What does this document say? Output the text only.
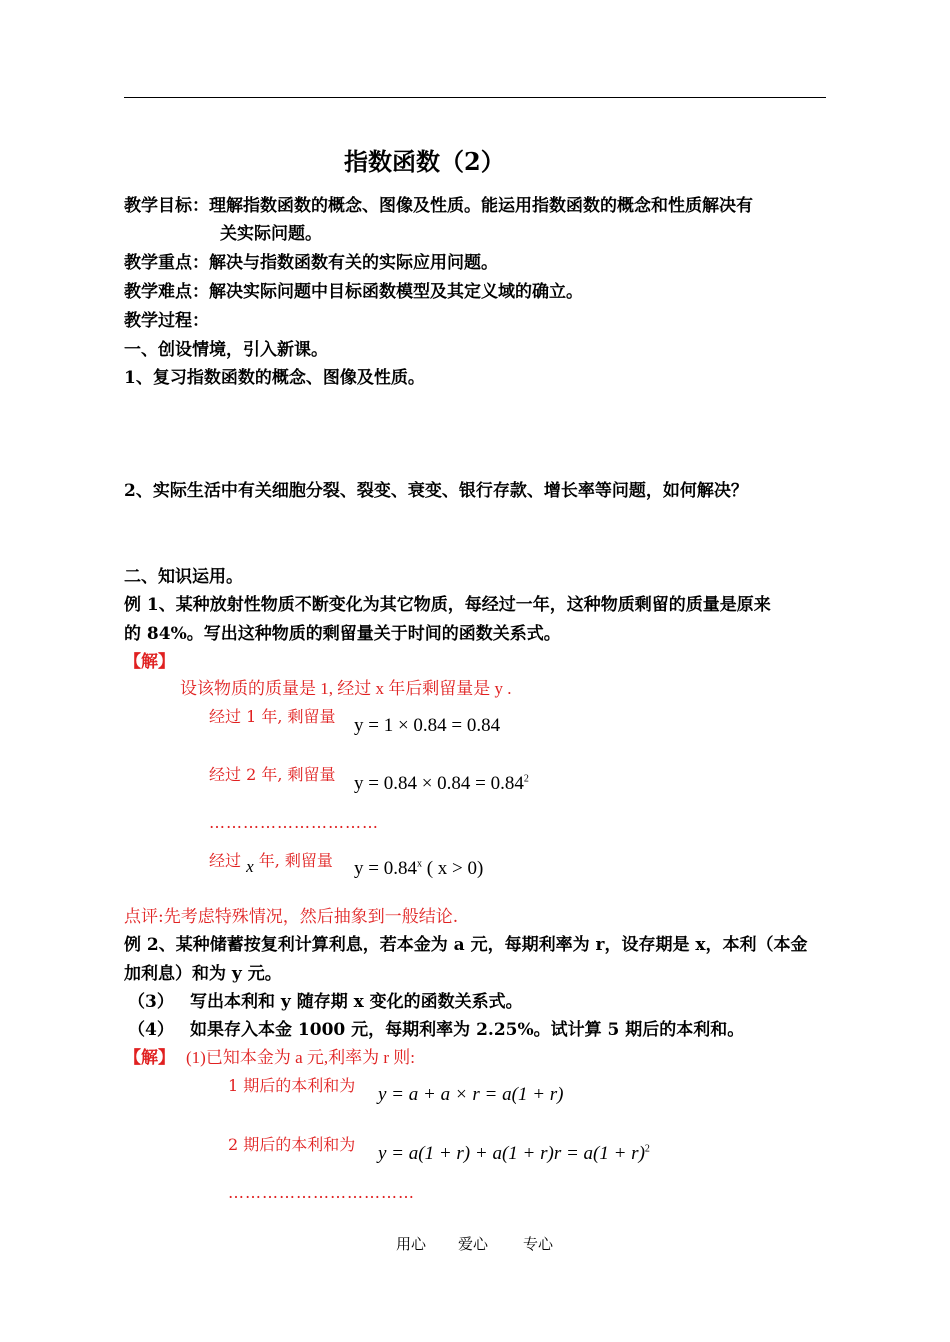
指数函数（2）
教学目标：理解指数函数的概念、图像及性质。能运用指数函数的概念和性质解决有
关实际问题。
教学重点：解决与指数函数有关的实际应用问题。
教学难点：解决实际问题中目标函数模型及其定义域的确立。
教学过程：
一、创设情境，引入新课。
1、复习指数函数的概念、图像及性质。
2、实际生活中有关细胞分裂、裂变、衰变、银行存款、增长率等问题，如何解决？
二、知识运用。
例 1、某种放射性物质不断变化为其它物质，每经过一年，这种物质剩留的质量是原来
的 84%。写出这种物质的剩留量关于时间的函数关系式。
【解】
设该物质的质量是 1, 经过 x 年后剩留量是 y .
经过 1 年, 剩留量 y = 1 × 0.84 = 0.84
经过 2 年, 剩留量 $y = 0.84 \times 0.84 = 0.84^2$
…………………………
经过 x 年, 剩留量 $y = 0.84^x$ ( x > 0)
点评:先考虑特殊情况，然后抽象到一般结论.
例 2、某种储蓄按复利计算利息，若本金为 a 元，每期利率为 r，设存期是 x，本利（本金
加利息）和为 y 元。
（3） 写出本利和 y 随存期 x 变化的函数关系式。
（4） 如果存入本金 1000 元，每期利率为 2.25%。试计算 5 期后的本利和。
【解】 (1)已知本金为 a 元,利率为 r 则:
1 期后的本利和为 y = a + a × r = a(1 + r)
2 期后的本利和为 $y = a(1 + r) + a(1 + r)r = a(1 + r)^2$
……………………………
用心 爱心 专心
